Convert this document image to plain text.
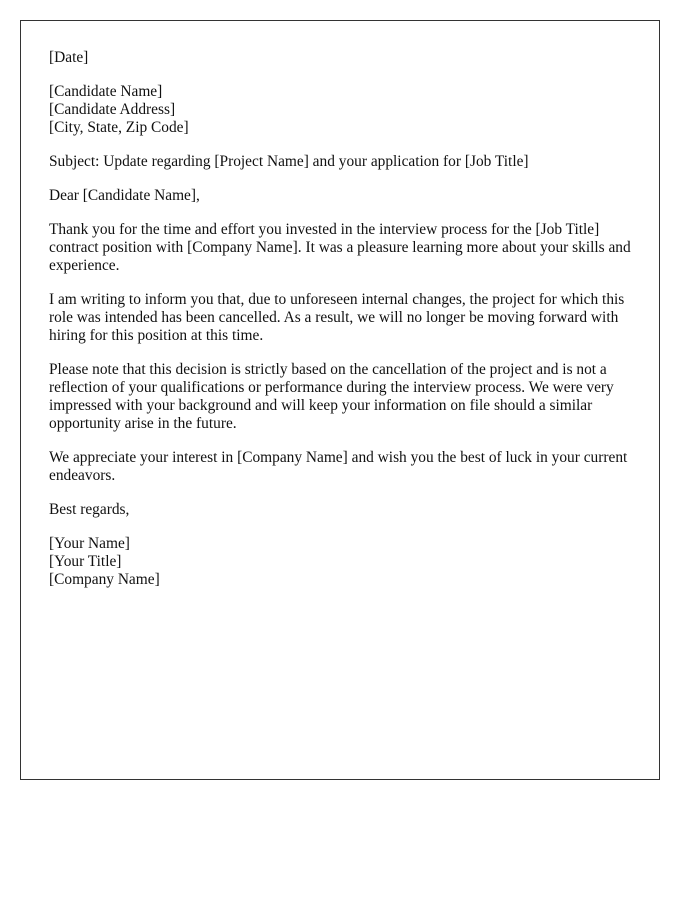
[Date]
[Candidate Name]
[Candidate Address]
[City, State, Zip Code]
Subject: Update regarding [Project Name] and your application for [Job Title]
Dear [Candidate Name],

Thank you for the time and effort you invested in the interview process for the [Job Title] contract position with [Company Name]. It was a pleasure learning more about your skills and experience.

I am writing to inform you that, due to unforeseen internal changes, the project for which this role was intended has been cancelled. As a result, we will no longer be moving forward with hiring for this position at this time.

Please note that this decision is strictly based on the cancellation of the project and is not a reflection of your qualifications or performance during the interview process. We were very impressed with your background and will keep your information on file should a similar opportunity arise in the future.

We appreciate your interest in [Company Name] and wish you the best of luck in your current endeavors.

Best regards,
[Your Name]
[Your Title]
[Company Name]
